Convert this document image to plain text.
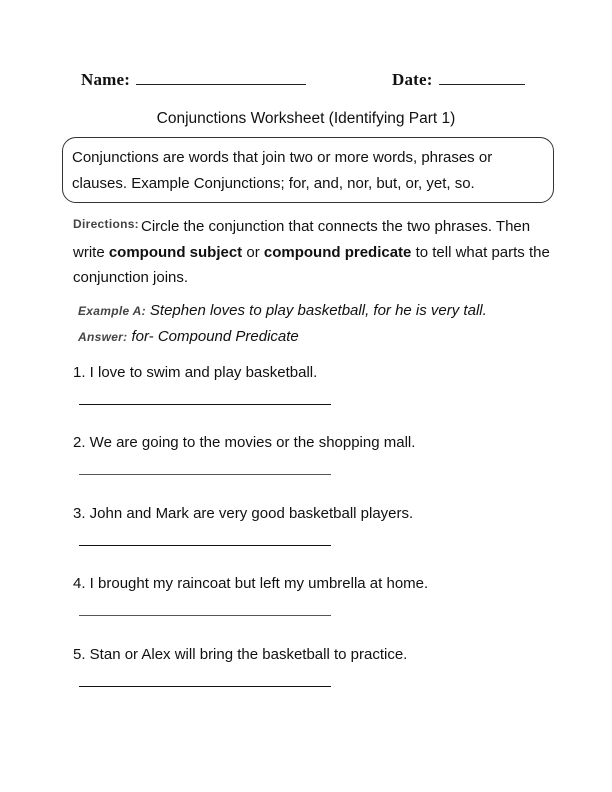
Name:	Date:
Conjunctions Worksheet (Identifying Part 1)
Conjunctions are words that join two or more words, phrases or
clauses. Example Conjunctions; for, and, nor, but, or, yet, so.
$^{Directions:}$ Circle the conjunction that connects the two phrases. Then write compound subject or compound predicate to tell what parts the conjunction joins.
Example A: Stephen loves to play basketball, for he is very tall.
Answer: for- Compound Predicate
1. I love to swim and play basketball.
2. We are going to the movies or the shopping mall.
3. John and Mark are very good basketball players.
4. I brought my raincoat but left my umbrella at home.
5. Stan or Alex will bring the basketball to practice.
